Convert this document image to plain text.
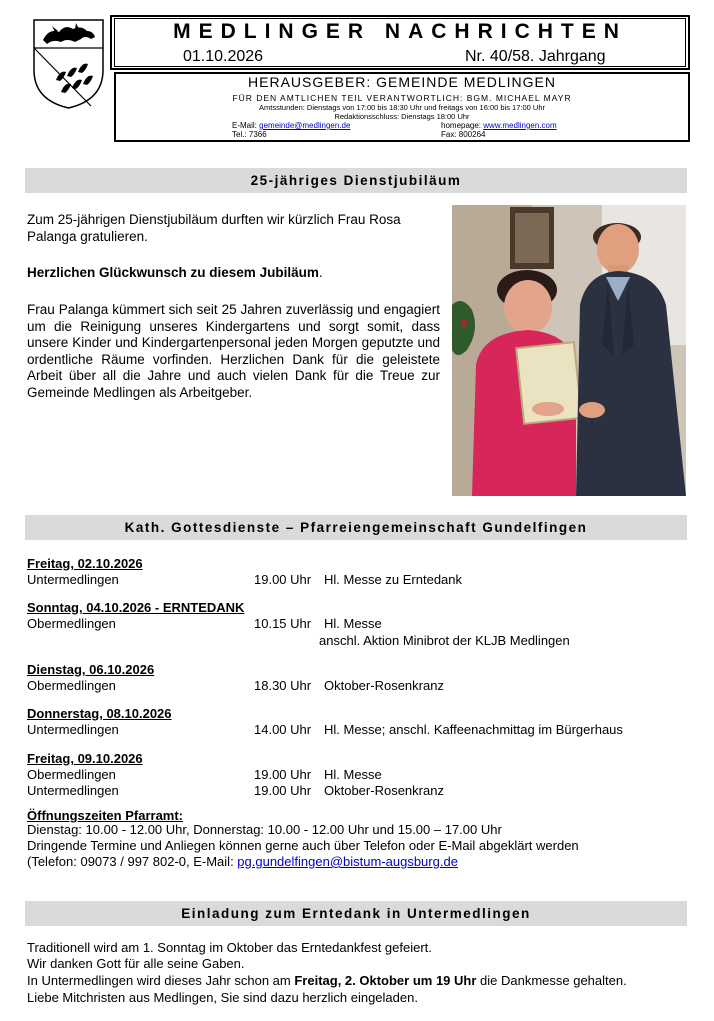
MEDLINGER NACHRICHTEN
01.10.2026	Nr. 40/58. Jahrgang
HERAUSGEBER: GEMEINDE MEDLINGEN
FÜR DEN AMTLICHEN TEIL VERANTWORTLICH: BGM. MICHAEL MAYR
Amtsstunden: Dienstags von 17:00 bis 18:30 Uhr und freitags von 16:00 bis 17:00 Uhr
Redaktionsschluss: Dienstags 18:00 Uhr
E-Mail: gemeinde@medlingen.de	homepage: www.medlingen.com
Tel.: 7366	Fax: 800264
25-jähriges Dienstjubiläum
Zum 25-jährigen Dienstjubiläum durften wir kürzlich Frau Rosa Palanga gratulieren.
Herzlichen Glückwunsch zu diesem Jubiläum.
Frau Palanga kümmert sich seit 25 Jahren zuverlässig und engagiert um die Reinigung unseres Kindergartens und sorgt somit, dass unsere Kinder und Kindergartenpersonal jeden Morgen geputzte und ordentliche Räume vorfinden. Herzlichen Dank für die geleistete Arbeit über all die Jahre und auch vielen Dank für die Treue zur Gemeinde Medlingen als Arbeitgeber.
Kath. Gottesdienste – Pfarreiengemeinschaft Gundelfingen
Freitag, 02.10.2026
Untermedlingen	19.00 Uhr Hl. Messe zu Erntedank
Sonntag, 04.10.2026 - ERNTEDANK
Obermedlingen	10.15 Uhr Hl. Messe
anschl. Aktion Minibrot der KLJB Medlingen
Dienstag, 06.10.2026
Obermedlingen	18.30 Uhr Oktober-Rosenkranz
Donnerstag, 08.10.2026
Untermedlingen	14.00 Uhr Hl. Messe; anschl. Kaffeenachmittag im Bürgerhaus
Freitag, 09.10.2026
Obermedlingen	19.00 Uhr Hl. Messe
Untermedlingen	19.00 Uhr Oktober-Rosenkranz
Öffnungszeiten Pfarramt:
Dienstag: 10.00 - 12.00 Uhr, Donnerstag: 10.00 - 12.00 Uhr und 15.00 – 17.00 Uhr
Dringende Termine und Anliegen können gerne auch über Telefon oder E-Mail abgeklärt werden
(Telefon: 09073 / 997 802-0, E-Mail: pg.gundelfingen@bistum-augsburg.de
Einladung zum Erntedank in Untermedlingen
Traditionell wird am 1. Sonntag im Oktober das Erntedankfest gefeiert.
Wir danken Gott für alle seine Gaben.
In Untermedlingen wird dieses Jahr schon am Freitag, 2. Oktober um 19 Uhr die Dankmesse gehalten.
Liebe Mitchristen aus Medlingen, Sie sind dazu herzlich eingeladen.
